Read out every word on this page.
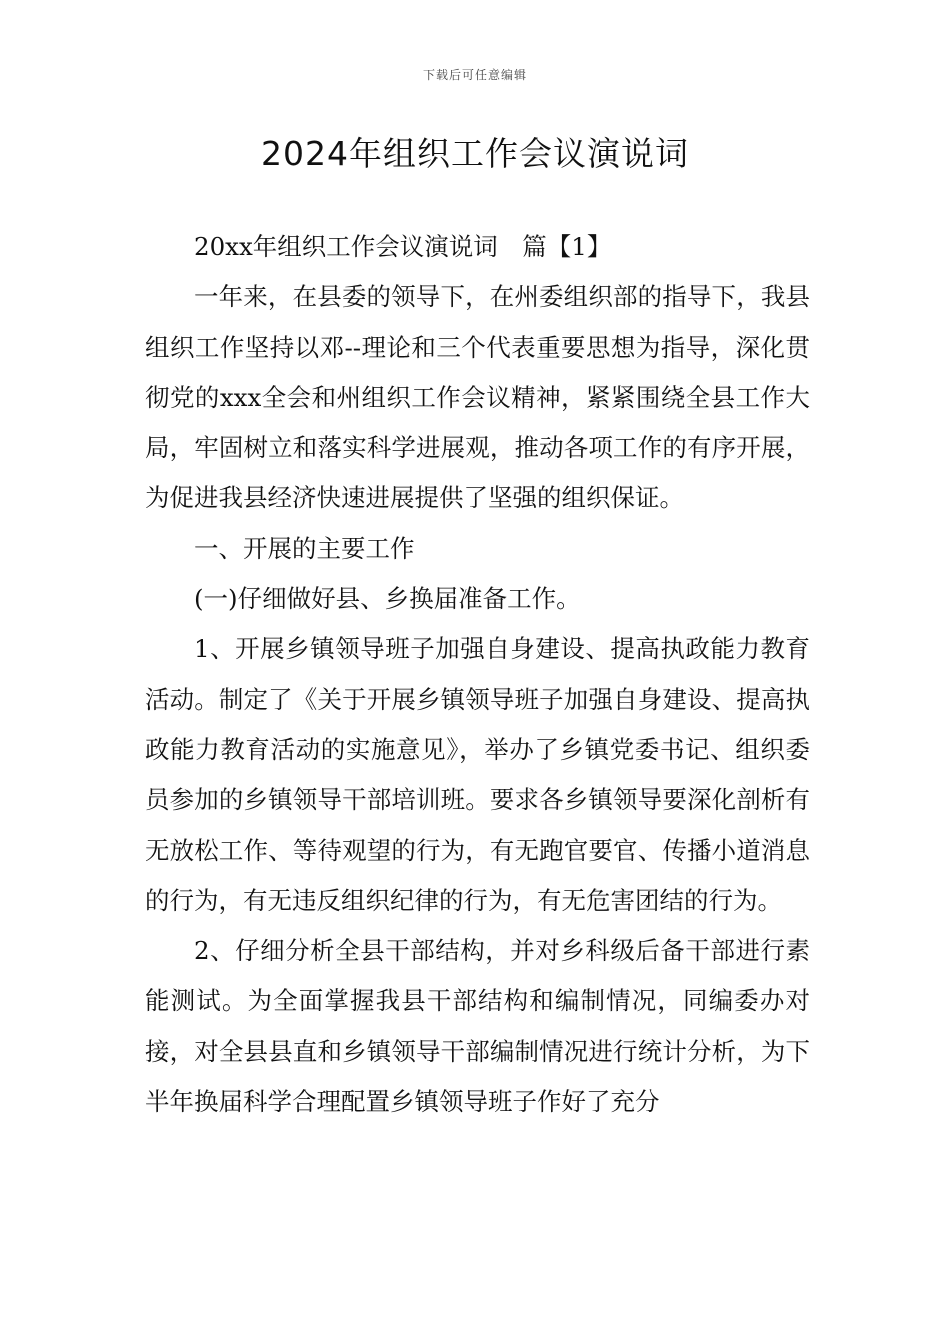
下载后可任意编辑
2024年组织工作会议演说词

20xx年组织工作会议演说词　篇【1】

一年来，在县委的领导下，在州委组织部的指导下，我县组织工作坚持以邓--理论和三个代表重要思想为指导，深化贯彻党的xxx全会和州组织工作会议精神，紧紧围绕全县工作大局，牢固树立和落实科学进展观，推动各项工作的有序开展，为促进我县经济快速进展提供了坚强的组织保证。

一、开展的主要工作

(一)仔细做好县、乡换届准备工作。

1、开展乡镇领导班子加强自身建设、提高执政能力教育活动。制定了《关于开展乡镇领导班子加强自身建设、提高执政能力教育活动的实施意见》，举办了乡镇党委书记、组织委员参加的乡镇领导干部培训班。要求各乡镇领导要深化剖析有无放松工作、等待观望的行为，有无跑官要官、传播小道消息的行为，有无违反组织纪律的行为，有无危害团结的行为。

2、仔细分析全县干部结构，并对乡科级后备干部进行素能测试。为全面掌握我县干部结构和编制情况，同编委办对接，对全县县直和乡镇领导干部编制情况进行统计分析，为下半年换届科学合理配置乡镇领导班子作好了充分
